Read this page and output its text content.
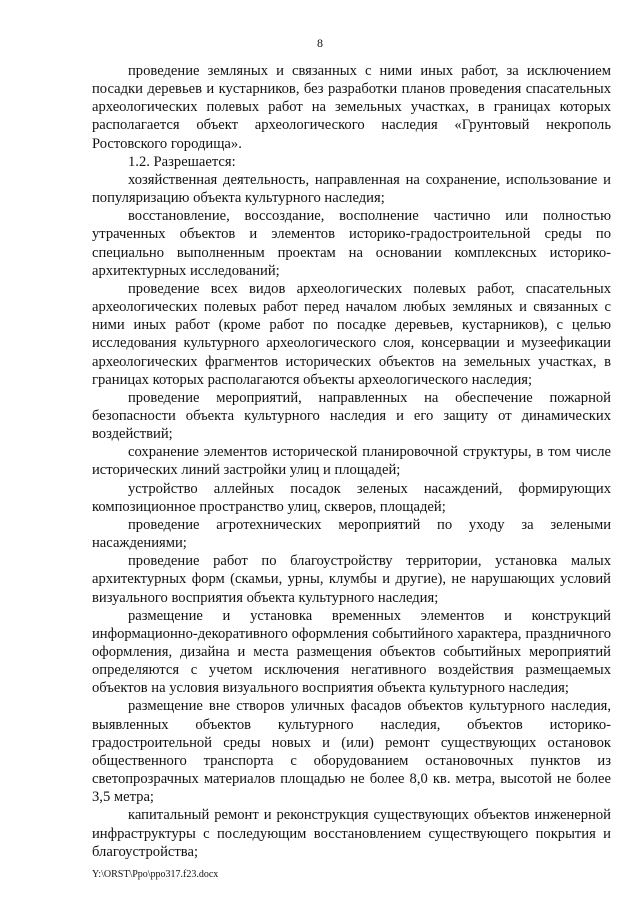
8

проведение земляных и связанных с ними иных работ, за исключением посадки деревьев и кустарников, без разработки планов проведения спасательных археологических полевых работ на земельных участках, в границах которых располагается объект археологического наследия «Грунтовый некрополь Ростовского городища».

1.2. Разрешается:

хозяйственная деятельность, направленная на сохранение, использование и популяризацию объекта культурного наследия;

восстановление, воссоздание, восполнение частично или полностью утраченных объектов и элементов историко-градостроительной среды по специально выполненным проектам на основании комплексных историко-архитектурных исследований;

проведение всех видов археологических полевых работ, спасательных археологических полевых работ перед началом любых земляных и связанных с ними иных работ (кроме работ по посадке деревьев, кустарников), с целью исследования культурного археологического слоя, консервации и музеефикации археологических фрагментов исторических объектов на земельных участках, в границах которых располагаются объекты археологического наследия;

проведение мероприятий, направленных на обеспечение пожарной безопасности объекта культурного наследия и его защиту от динамических воздействий;

сохранение элементов исторической планировочной структуры, в том числе исторических линий застройки улиц и площадей;

устройство аллейных посадок зеленых насаждений, формирующих композиционное пространство улиц, скверов, площадей;

проведение агротехнических мероприятий по уходу за зелеными насаждениями;

проведение работ по благоустройству территории, установка малых архитектурных форм (скамьи, урны, клумбы и другие), не нарушающих условий визуального восприятия объекта культурного наследия;

размещение и установка временных элементов и конструкций информационно-декоративного оформления событийного характера, праздничного оформления, дизайна и места размещения объектов событийных мероприятий определяются с учетом исключения негативного воздействия размещаемых объектов на условия визуального восприятия объекта культурного наследия;

размещение вне створов уличных фасадов объектов культурного наследия, выявленных объектов культурного наследия, объектов историко-градостроительной среды новых и (или) ремонт существующих остановок общественного транспорта с оборудованием остановочных пунктов из светопрозрачных материалов площадью не более 8,0 кв. метра, высотой не более 3,5 метра;

капитальный ремонт и реконструкция существующих объектов инженерной инфраструктуры с последующим восстановлением существующего покрытия и благоустройства;

Y:\ORST\Ppo\ppo317.f23.docx
